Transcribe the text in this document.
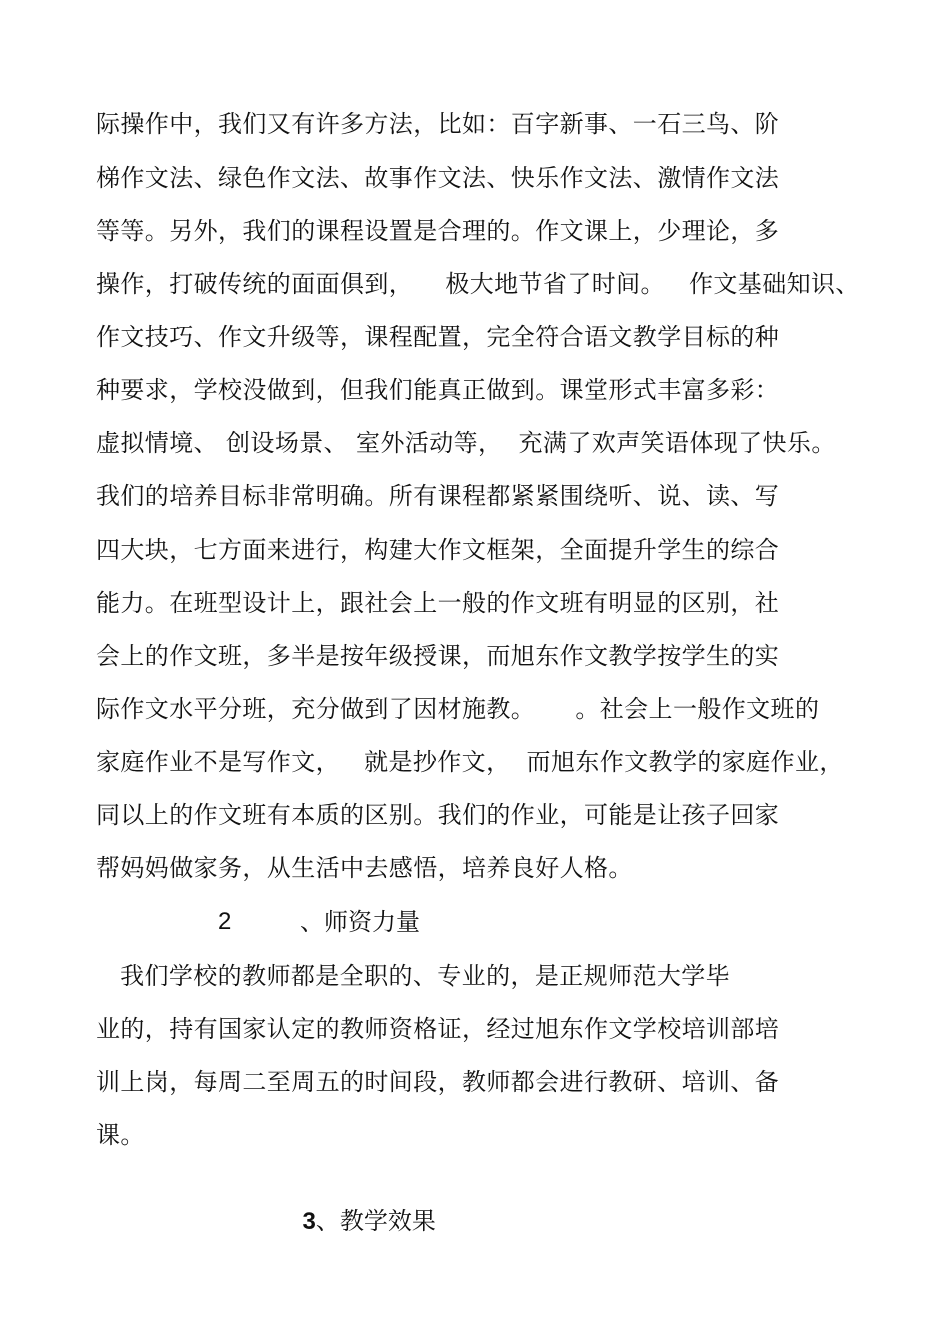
际操作中，我们又有许多方法，比如：百字新事、一石三鸟、阶
梯作文法、绿色作文法、故事作文法、快乐作文法、激情作文法
等等。另外，我们的课程设置是合理的。作文课上，少理论，多
操作，打破传统的面面俱到，    极大地节省了时间。   作文基础知识、
作文技巧、作文升级等，课程配置，完全符合语文教学目标的种
种要求，学校没做到，但我们能真正做到。课堂形式丰富多彩：
虚拟情境、 创设场景、 室外活动等，  充满了欢声笑语体现了快乐。
我们的培养目标非常明确。所有课程都紧紧围绕听、说、读、写
四大块，七方面来进行，构建大作文框架，全面提升学生的综合
能力。在班型设计上，跟社会上一般的作文班有明显的区别，社
会上的作文班，多半是按年级授课，而旭东作文教学按学生的实
际作文水平分班，充分做到了因材施教。     。社会上一般作文班的
家庭作业不是写作文，   就是抄作文，  而旭东作文教学的家庭作业，
同以上的作文班有本质的区别。我们的作业，可能是让孩子回家
帮妈妈做家务，从生活中去感悟，培养良好人格。
2	、师资力量
我们学校的教师都是全职的、专业的，是正规师范大学毕
业的，持有国家认定的教师资格证，经过旭东作文学校培训部培
训上岗，每周二至周五的时间段，教师都会进行教研、培训、备
课。

3、教学效果
